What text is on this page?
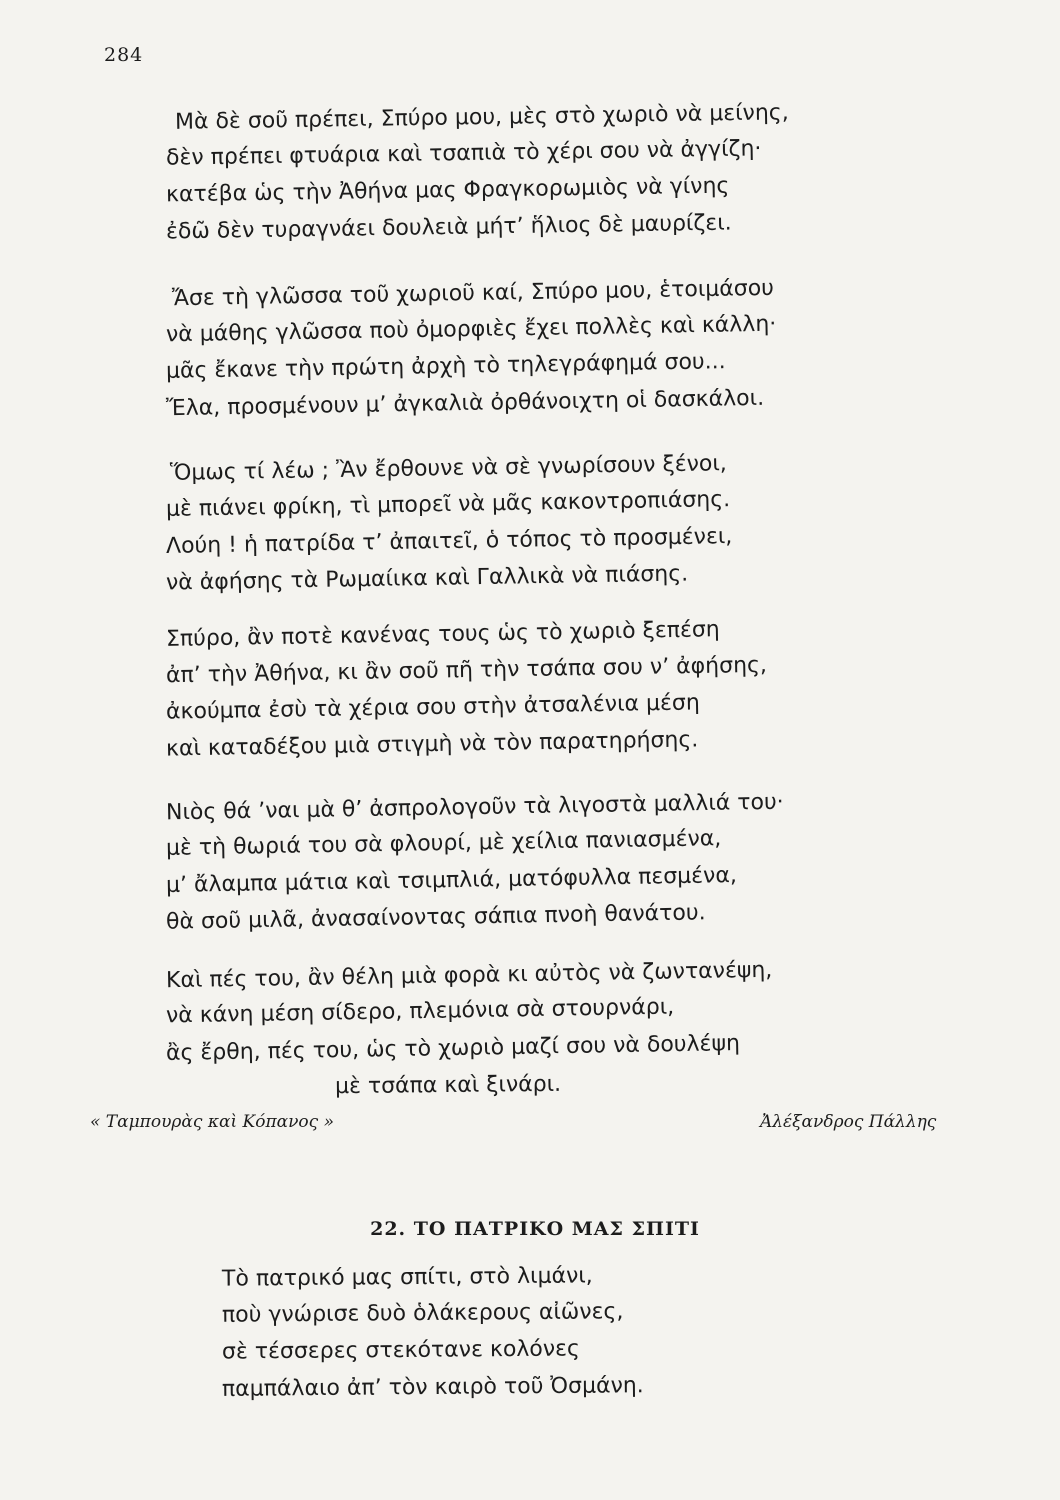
284
Μὰ δὲ σοῦ πρέπει, Σπύρο μου, μὲς στὸ χωριὸ νὰ μείνης,
δὲν πρέπει φτυάρια καὶ τσαπιὰ τὸ χέρι σου νὰ ἀγγίζη·
κατέβα ὡς τὴν Ἀθήνα μας Φραγκορωμιὸς νὰ γίνης
ἐδῶ δὲν τυραγνάει δουλειὰ μήτ’ ἥλιος δὲ μαυρίζει.
Ἄσε τὴ γλῶσσα τοῦ χωριοῦ καί, Σπύρο μου, ἑτοιμάσου
νὰ μάθης γλῶσσα ποὺ ὀμορφιὲς ἔχει πολλὲς καὶ κάλλη·
μᾶς ἔκανε τὴν πρώτη ἀρχὴ τὸ τηλεγράφημά σου...
Ἔλα, προσμένουν μ’ ἀγκαλιὰ ὀρθάνοιχτη οἱ δασκάλοι.
Ὅμως τί λέω ; Ἂν ἔρθουνε νὰ σὲ γνωρίσουν ξένοι,
μὲ πιάνει φρίκη, τὶ μπορεῖ νὰ μᾶς κακοντροπιάσης.
Λούη ! ἡ πατρίδα τ’ ἀπαιτεῖ, ὁ τόπος τὸ προσμένει,
νὰ ἀφήσης τὰ Ρωμαίικα καὶ Γαλλικὰ νὰ πιάσης.
Σπύρο, ἂν ποτὲ κανένας τους ὡς τὸ χωριὸ ξεπέση
ἀπ’ τὴν Ἀθήνα, κι ἂν σοῦ πῆ τὴν τσάπα σου ν’ ἀφήσης,
ἀκούμπα ἐσὺ τὰ χέρια σου στὴν ἀτσαλένια μέση
καὶ καταδέξου μιὰ στιγμὴ νὰ τὸν παρατηρήσης.
Νιὸς θά ’ναι μὰ θ’ ἀσπρολογοῦν τὰ λιγοστὰ μαλλιά του·
μὲ τὴ θωριά του σὰ φλουρί, μὲ χείλια πανιασμένα,
μ’ ἄλαμπα μάτια καὶ τσιμπλιά, ματόφυλλα πεσμένα,
θὰ σοῦ μιλᾶ, ἀνασαίνοντας σάπια πνοὴ θανάτου.
Καὶ πές του, ἂν θέλη μιὰ φορὰ κι αὐτὸς νὰ ζωντανέψη,
νὰ κάνη μέση σίδερο, πλεμόνια σὰ στουρνάρι,
ἂς ἔρθη, πές του, ὡς τὸ χωριὸ μαζί σου νὰ δουλέψη
μὲ τσάπα καὶ ξινάρι.
« Ταμπουρὰς καὶ Κόπανος »	Ἀλέξανδρος Πάλλης
22. ΤΟ ΠΑΤΡΙΚΟ ΜΑΣ ΣΠΙΤΙ
Τὸ πατρικό μας σπίτι, στὸ λιμάνι,
ποὺ γνώρισε δυὸ ὁλάκερους αἰῶνες,
σὲ τέσσερες στεκότανε κολόνες
παμπάλαιο ἀπ’ τὸν καιρὸ τοῦ Ὀσμάνη.
